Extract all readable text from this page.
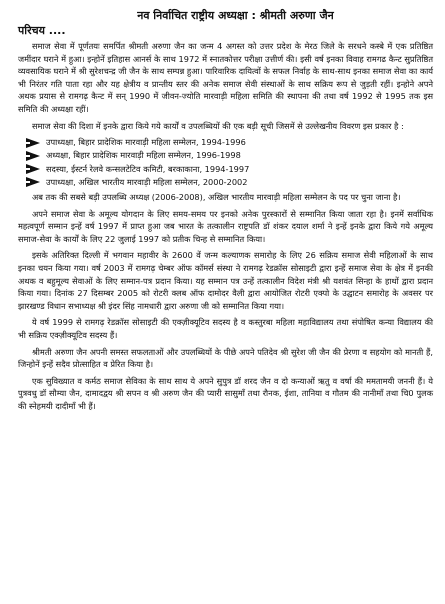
नव निर्वाचित राष्ट्रीय अध्यक्षा : श्रीमती अरुणा जैन
परिचय ....

समाज सेवा में पूर्णतयः समर्पित श्रीमती अरुणा जैन का जन्म 4 अगस्त को उत्तर प्रदेश के मेरठ जिले के सरधने कस्बे में एक प्रतिष्ठित जमींदार घराने में हुआ। इन्होनें इतिहास आनर्स के साथ 1972 में स्नातकोत्तर परीक्षा उत्तीर्ण की। इसी वर्ष इनका विवाह रामगढ कैन्ट सुप्रतिष्ठित व्यवसायिक घराने में श्री सुरेशचन्द्र जी जैन के साथ सम्पन्न हुआ। पारिवारिक दायित्वों के सफल निर्वाह के साथ-साथ इनका समाज सेवा का कार्य भी निरंतर गति पाता रहा और यह क्षेत्रीय व प्रान्तीय स्तर की अनेक समाज सेवी संस्थाओं के साथ सक्रिय रूप से जुड़ती रहीं। इन्होने अपने अथक प्रयास से रामगढ़ कैन्ट में सन् 1990 में जीवन-ज्योति मारवाड़ी महिला समिति की स्थापना की तथा वर्ष 1992 से 1995 तक इस समिति की अध्यक्षा रहीं।

समाज सेवा की दिशा में इनके द्वारा किये गये कार्यों व उपलब्धियों की एक बड़ी सूची जिसमें से उल्लेखनीय विवरण इस प्रकार है :

उपाध्यक्षा, बिहार प्रादेशिक मारवाड़ी महिला सम्मेलन, 1994-1996
अध्यक्षा, बिहार प्रादेशिक मारवाड़ी महिला सम्मेलन, 1996-1998
सदस्या, ईस्टर्न रेलवे कन्सलटेटिव कमिटी, बरकाकाना, 1994-1997
उपाध्यक्षा, अखिल भारतीय मारवाड़ी महिला सम्मेलन, 2000-2002

अब तक की सबसे बड़ी उपलब्धि अध्यक्ष (2006-2008), अखिल भारतीय मारवाड़ी महिला सम्मेलन के पद पर चुना जाना है।

अपने समाज सेवा के अमूल्य योगदान के लिए समय-समय पर इनको अनेक पुरस्कारों से सम्मानित किया जाता रहा है। इनमें सर्वाधिक महत्वपूर्ण सम्मान इन्हें वर्ष 1997 में प्राप्त हुआ जब भारत के तत्कालीन राष्ट्रपति डॉ शंकर दयाल शर्मा ने इन्हें इनके द्वारा किये गये अमूल्य समाज-सेवा के कार्यों के लिए 22 जुलाई 1997 को प्रतीक चिन्ह से सम्मानित किया।

इसके अतिरिक्त दिल्ली में भगवान महावीर के 2600 वें जन्म कल्याणक समारोह के लिए 26 सक्रिय समाज सेवी महिलाओं के साथ इनका चयन किया गया। वर्ष 2003 में रामगढ़ चेम्बर ऑफ कॉमर्स संस्था ने रामगढ़ रेडक्रॉस सोसाइटी द्वारा इन्हें समाज सेवा के क्षेत्र में इनकी अथक व बहुमूल्य सेवाओं के लिए सम्मान-पत्र प्रदान किया। यह सम्मान पत्र उन्हें तत्कालीन विदेश मंत्री श्री यशवंत सिन्हा के हाथों द्वारा प्रदान किया गया। दिनांक 27 दिसम्बर 2005 को रोटरी क्लब ऑफ दामोदर वैली द्वारा आयोजित रोटरी एक्पो के उद्घाटन समारोह के अवसर पर झारखण्ड विधान सभाध्यक्ष श्री इंदर सिंह नामधारी द्वारा अरुणा जी को सम्मानित किया गया।

ये वर्ष 1999 से रामगढ़ रेडक्रॉस सोसाइटी की एक्ज़ीक्यूटिव सदस्य है व कस्तुरबा महिला महाविद्यालय तथा संपोषित कन्या विद्यालय की भी सक्रिय एक्ज़ीक्यूटिव सदस्य हैं।

श्रीमती अरुणा जैन अपनी समस्त सफलताओं और उपलब्धियों के पीछे अपने पतिदेव श्री सुरेश जी जैन की प्रेरणा व सहयोग को मानती हैं, जिन्होनें इन्हें सदैव प्रोत्साहित व प्रेरित किया है।

एक सुविख्यात व कर्मठ समाज सेविका के साथ साथ ये अपने सुपुत्र डॉ शरद जैन व दो कन्याओं ऋतु व वर्षा की ममतामयी जननी हैं। ये पुत्रवधु डॉ सौम्या जैन, दामादद्वय श्री सपन व श्री अरुण जैन की प्यारी सासुमाँ तथा रौनक, ईशा, तानिया व गौतम की नानीमाँ तथा चि0 पुलक की स्नेहमयी दादीमाँ भी हैं।
